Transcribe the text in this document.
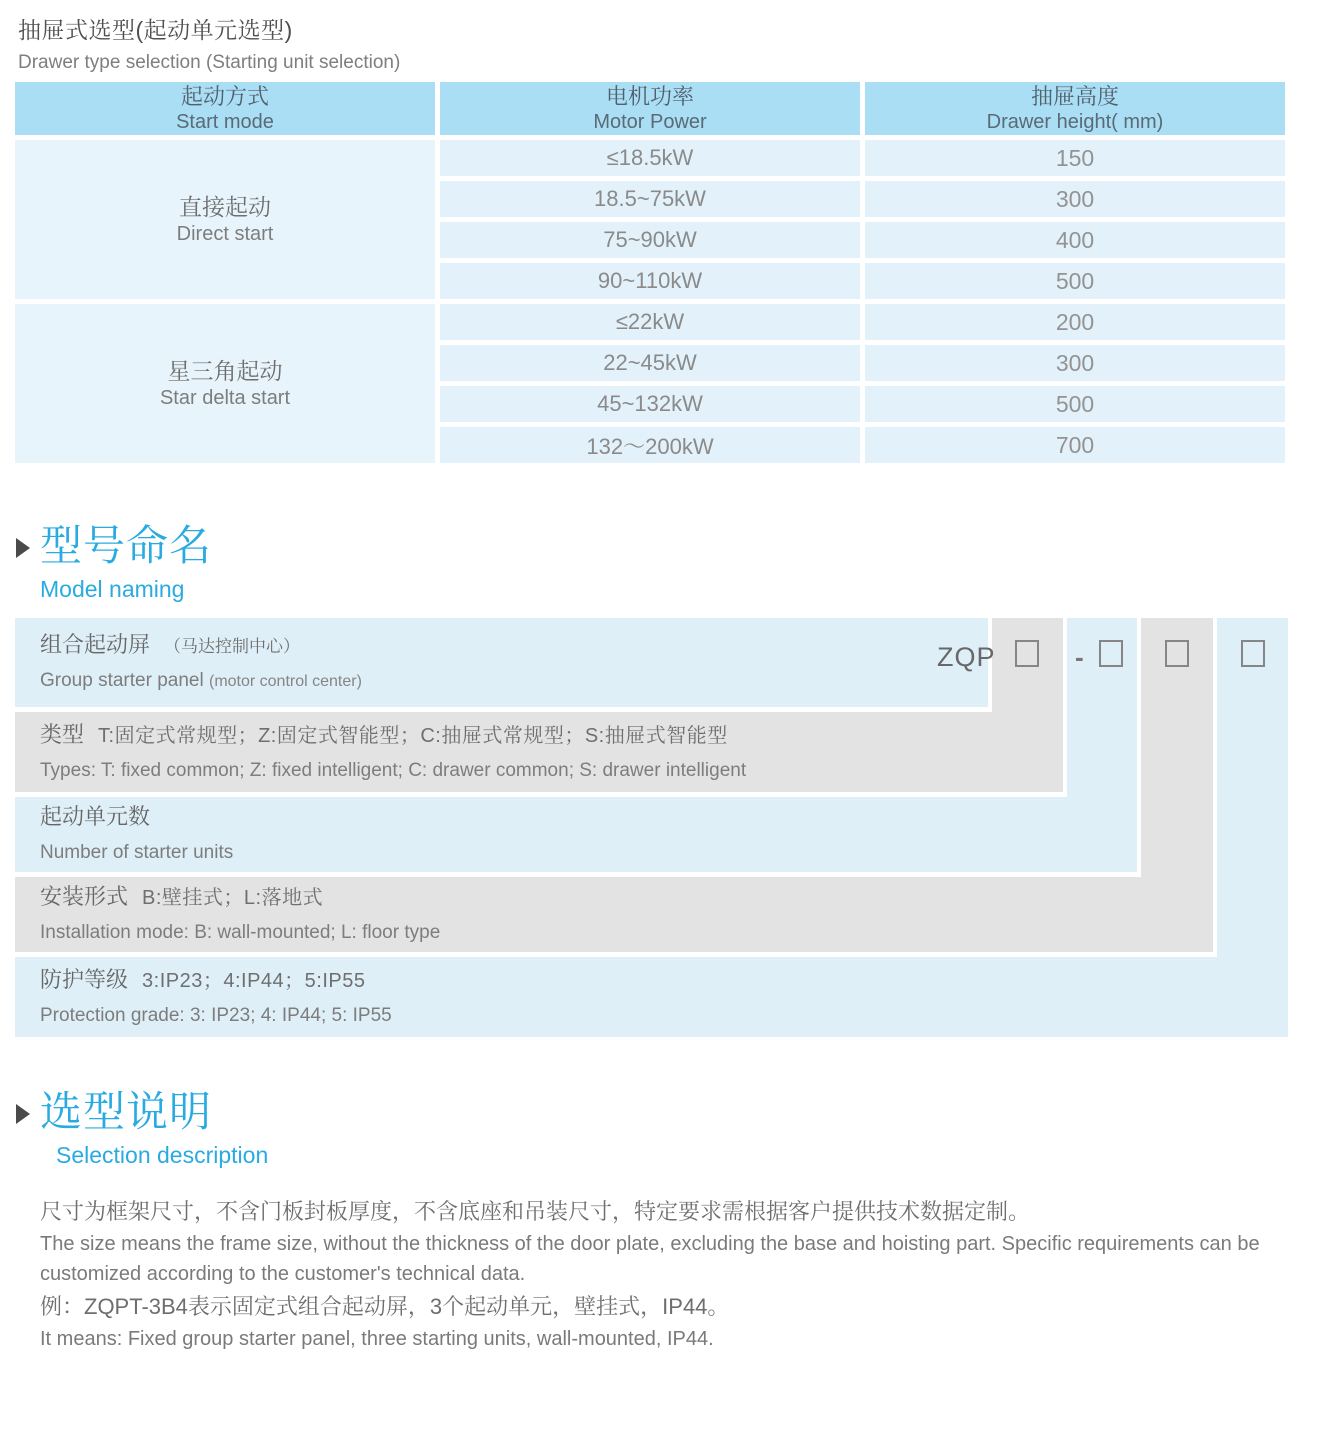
抽屉式选型(起动单元选型)
Drawer type selection (Starting unit selection)
起动方式
Start mode
电机功率
Motor Power
抽屉高度
Drawer height( mm)
直接起动
Direct start
星三角起动
Star delta start
≤18.5kW
18.5~75kW
75~90kW
90~110kW
≤22kW
22~45kW
45~132kW
132～200kW
150
300
400
500
200
300
500
700
型号命名
Model naming
组合起动屏 （马达控制中心）
Group starter panel (motor control center)
类型 T:固定式常规型；Z:固定式智能型；C:抽屉式常规型；S:抽屉式智能型
Types: T: fixed common; Z: fixed intelligent; C: drawer common; S: drawer intelligent
起动单元数
Number of starter units
安装形式 B:壁挂式；L:落地式
Installation mode: B: wall-mounted; L: floor type
防护等级 3:IP23；4:IP44；5:IP55
Protection grade: 3: IP23; 4: IP44; 5: IP55
ZQP	-
选型说明
Selection description

尺寸为框架尺寸，不含门板封板厚度，不含底座和吊装尺寸，特定要求需根据客户提供技术数据定制。

The size means the frame size, without the thickness of the door plate, excluding the base and hoisting part. Specific requirements can be customized according to the customer's technical data.

例：ZQPT-3B4表示固定式组合起动屏，3个起动单元，壁挂式，IP44。

It means: Fixed group starter panel, three starting units, wall-mounted, IP44.
